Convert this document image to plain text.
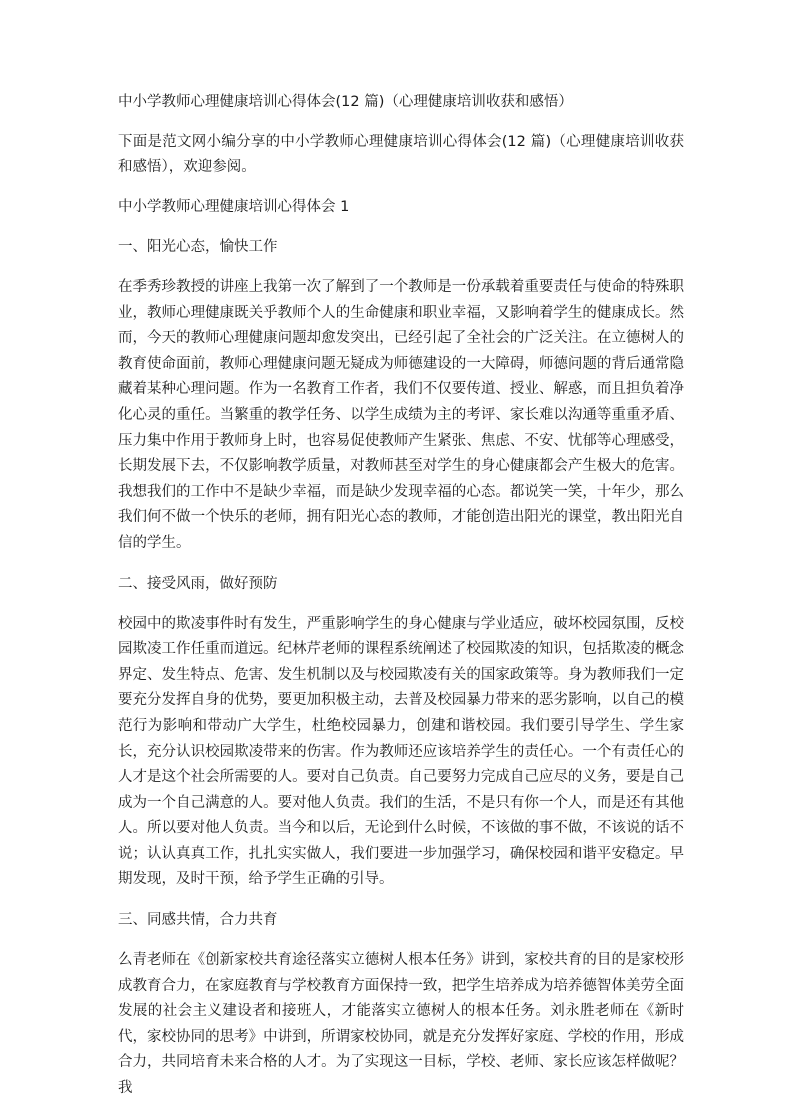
中小学教师心理健康培训心得体会(12 篇)（心理健康培训收获和感悟）

下面是范文网小编分享的中小学教师心理健康培训心得体会(12 篇)（心理健康培训收获和感悟），欢迎参阅。

中小学教师心理健康培训心得体会 1

一、阳光心态，愉快工作

在季秀珍教授的讲座上我第一次了解到了一个教师是一份承载着重要责任与使命的特殊职业，教师心理健康既关乎教师个人的生命健康和职业幸福，又影响着学生的健康成长。然而，今天的教师心理健康问题却愈发突出，已经引起了全社会的广泛关注。在立德树人的教育使命面前，教师心理健康问题无疑成为师德建设的一大障碍，师德问题的背后通常隐藏着某种心理问题。作为一名教育工作者，我们不仅要传道、授业、解惑，而且担负着净化心灵的重任。当繁重的教学任务、以学生成绩为主的考评、家长难以沟通等重重矛盾、压力集中作用于教师身上时，也容易促使教师产生紧张、焦虑、不安、忧郁等心理感受，长期发展下去，不仅影响教学质量，对教师甚至对学生的身心健康都会产生极大的危害。我想我们的工作中不是缺少幸福，而是缺少发现幸福的心态。都说笑一笑，十年少，那么我们何不做一个快乐的老师，拥有阳光心态的教师，才能创造出阳光的课堂，教出阳光自信的学生。

二、接受风雨，做好预防

校园中的欺凌事件时有发生，严重影响学生的身心健康与学业适应，破坏校园氛围，反校园欺凌工作任重而道远。纪林芹老师的课程系统阐述了校园欺凌的知识，包括欺凌的概念界定、发生特点、危害、发生机制以及与校园欺凌有关的国家政策等。身为教师我们一定要充分发挥自身的优势，要更加积极主动，去普及校园暴力带来的恶劣影响，以自己的模范行为影响和带动广大学生，杜绝校园暴力，创建和谐校园。我们要引导学生、学生家长，充分认识校园欺凌带来的伤害。作为教师还应该培养学生的责任心。一个有责任心的人才是这个社会所需要的人。要对自己负责。自己要努力完成自己应尽的义务，要是自己成为一个自己满意的人。要对他人负责。我们的生活，不是只有你一个人，而是还有其他人。所以要对他人负责。当今和以后，无论到什么时候，不该做的事不做，不该说的话不说；认认真真工作，扎扎实实做人，我们要进一步加强学习，确保校园和谐平安稳定。早期发现，及时干预，给予学生正确的引导。

三、同感共情，合力共育

么青老师在《创新家校共育途径落实立德树人根本任务》讲到，家校共育的目的是家校形成教育合力，在家庭教育与学校教育方面保持一致，把学生培养成为培养德智体美劳全面发展的社会主义建设者和接班人，才能落实立德树人的根本任务。刘永胜老师在《新时代，家校协同的思考》中讲到，所谓家校协同，就是充分发挥好家庭、学校的作用，形成合力，共同培育未来合格的人才。为了实现这一目标，学校、老师、家长应该怎样做呢？我
